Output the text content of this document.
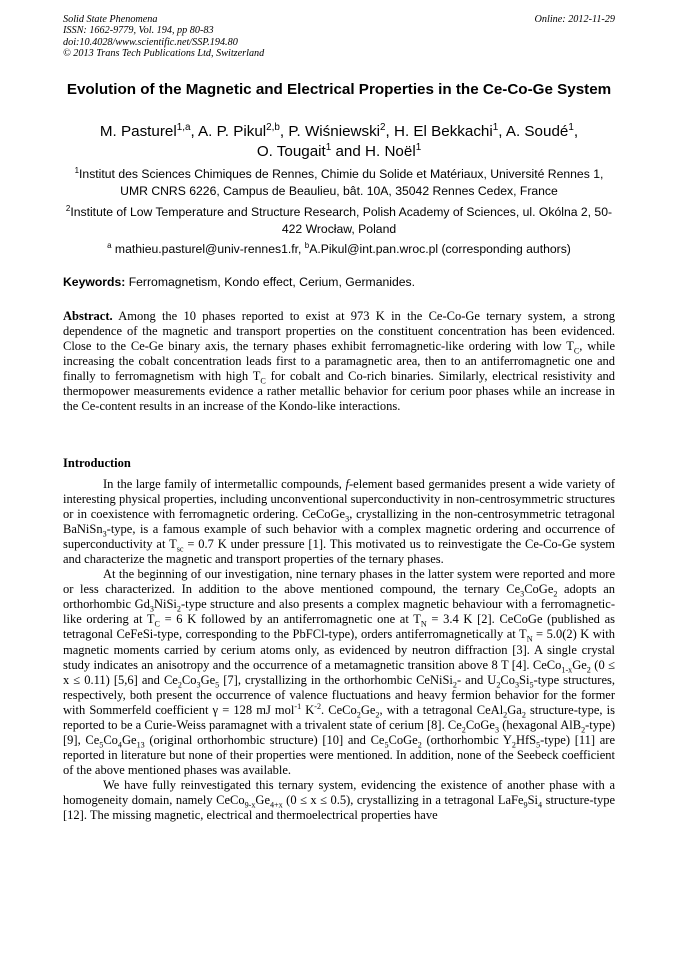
Solid State Phenomena
ISSN: 1662-9779, Vol. 194, pp 80-83
doi:10.4028/www.scientific.net/SSP.194.80
© 2013 Trans Tech Publications Ltd, Switzerland
Online: 2012-11-29
Evolution of the Magnetic and Electrical Properties in the Ce-Co-Ge System
M. Pasturel$^{1,a}$, A. P. Pikul$^{2,b}$, P. Wiśniewski$^2$, H. El Bekkachi$^1$, A. Soudé$^1$,
O. Tougait$^1$ and H. Noël$^1$
$^1$Institut des Sciences Chimiques de Rennes, Chimie du Solide et Matériaux, Université Rennes 1, UMR CNRS 6226, Campus de Beaulieu, bât. 10A, 35042 Rennes Cedex, France
$^2$Institute of Low Temperature and Structure Research, Polish Academy of Sciences, ul. Okólna 2, 50-422 Wrocław, Poland
$^a$ mathieu.pasturel@univ-rennes1.fr, $^b$A.Pikul@int.pan.wroc.pl (corresponding authors)
Keywords: Ferromagnetism, Kondo effect, Cerium, Germanides.
Abstract. Among the 10 phases reported to exist at 973 K in the Ce-Co-Ge ternary system, a strong dependence of the magnetic and transport properties on the constituent concentration has been evidenced. Close to the Ce-Ge binary axis, the ternary phases exhibit ferromagnetic-like ordering with low $T_C$, while increasing the cobalt concentration leads first to a paramagnetic area, then to an antiferromagnetic one and finally to ferromagnetism with high $T_C$ for cobalt and Co-rich binaries. Similarly, electrical resistivity and thermopower measurements evidence a rather metallic behavior for cerium poor phases while an increase in the Ce-content results in an increase of the Kondo-like interactions.
Introduction

In the large family of intermetallic compounds, f-element based germanides present a wide variety of interesting physical properties, including unconventional superconductivity in non-centrosymmetric structures or in coexistence with ferromagnetic ordering. CeCoGe$_3$, crystallizing in the non-centrosymmetric tetragonal BaNiSn$_3$-type, is a famous example of such behavior with a complex magnetic ordering and occurrence of superconductivity at $T_{sc} = 0.7$ K under pressure [1]. This motivated us to reinvestigate the Ce-Co-Ge system and characterize the magnetic and transport properties of the ternary phases.

At the beginning of our investigation, nine ternary phases in the latter system were reported and more or less characterized. In addition to the above mentioned compound, the ternary $Ce_3CoGe_2$ adopts an orthorhombic $Gd_3NiSi_2$-type structure and also presents a complex magnetic behaviour with a ferromagnetic-like ordering at $T_C = 6$ K followed by an antiferromagnetic one at $T_N = 3.4$ K [2]. CeCoGe (published as tetragonal CeFeSi-type, corresponding to the PbFCl-type), orders antiferromagnetically at $T_N = 5.0(2)$ K with magnetic moments carried by cerium atoms only, as evidenced by neutron diffraction [3]. A single crystal study indicates an anisotropy and the occurrence of a metamagnetic transition above 8 T [4]. $CeCo_{1-x}Ge_2$ (0 ≤ x ≤ 0.11) [5,6] and $Ce_2Co_3Ge_5$ [7], crystallizing in the orthorhombic CeNiSi$_2$- and $U_2Co_3Si_5$-type structures, respectively, both present the occurrence of valence fluctuations and heavy fermion behavior for the former with Sommerfeld coefficient γ = 128 mJ mol$^{-1}$ $K^{-2}$. $CeCo_2Ge_2$, with a tetragonal $CeAl_2Ga_2$ structure-type, is reported to be a Curie-Weiss paramagnet with a trivalent state of cerium [8]. $Ce_2CoGe_3$ (hexagonal AlB$_2$-type) [9], $Ce_5Co_4Ge_{13}$ (original orthorhombic structure) [10] and $Ce_5CoGe_2$ (orthorhombic $Y_2HfS_5-type$) [11] are reported in literature but none of their properties were mentioned. In addition, none of the Seebeck coefficient of the above mentioned phases was available.

We have fully reinvestigated this ternary system, evidencing the existence of another phase with a homogeneity domain, namely $CeCo_{9-x}Ge_{4+x}$ (0 ≤ x ≤ 0.5), crystallizing in a tetragonal $LaFe_9Si_4$ structure-type [12]. The missing magnetic, electrical and thermoelectrical properties have
